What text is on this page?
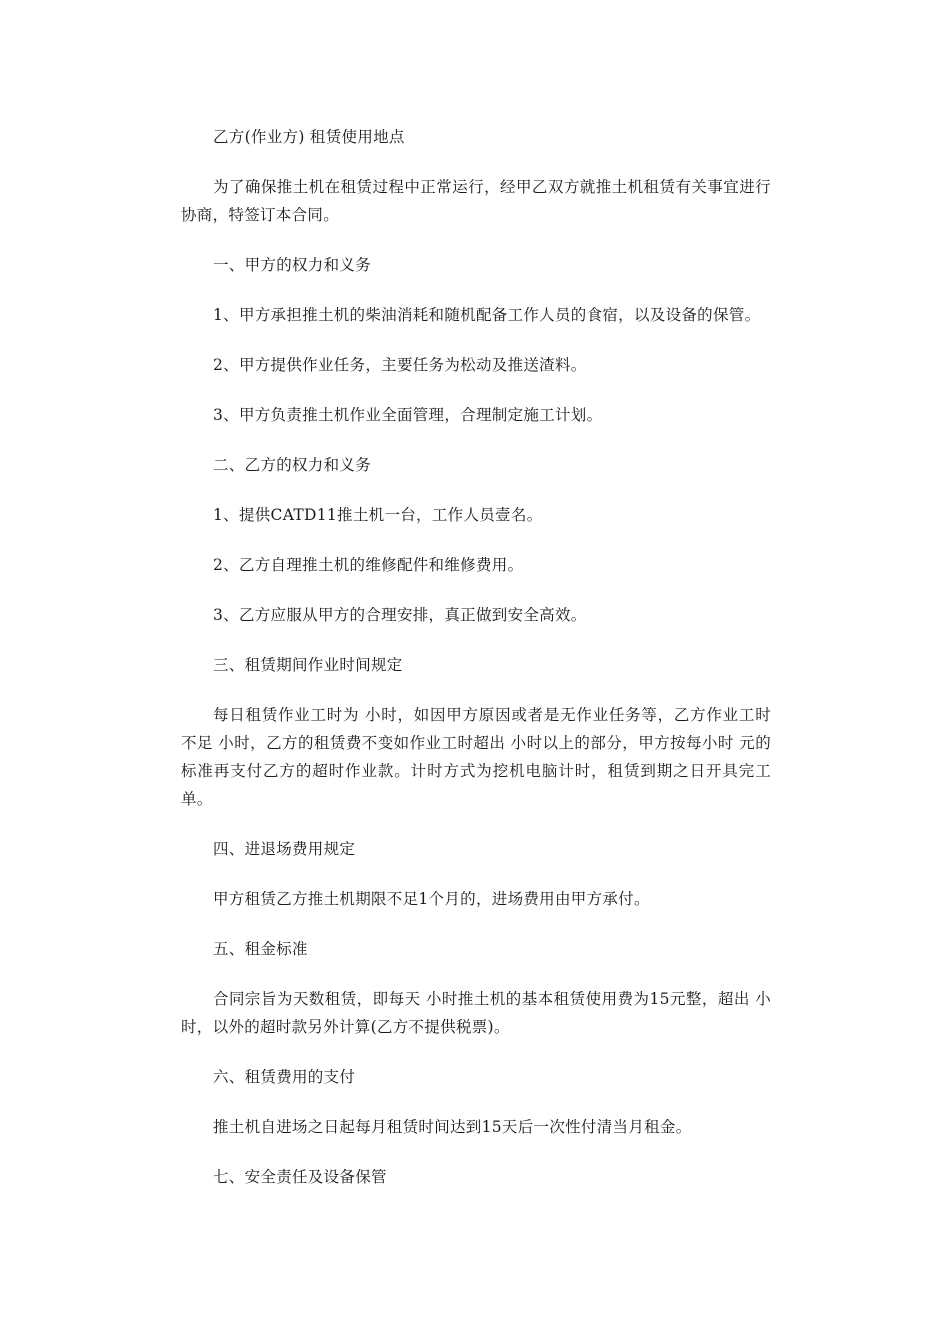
乙方(作业方) 租赁使用地点

为了确保推土机在租赁过程中正常运行，经甲乙双方就推土机租赁有关事宜进行协商，特签订本合同。

一、甲方的权力和义务

1、甲方承担推土机的柴油消耗和随机配备工作人员的食宿，以及设备的保管。

2、甲方提供作业任务，主要任务为松动及推送渣料。

3、甲方负责推土机作业全面管理，合理制定施工计划。

二、乙方的权力和义务

1、提供CATD11推土机一台，工作人员壹名。

2、乙方自理推土机的维修配件和维修费用。

3、乙方应服从甲方的合理安排，真正做到安全高效。

三、租赁期间作业时间规定

每日租赁作业工时为 小时，如因甲方原因或者是无作业任务等，乙方作业工时不足 小时，乙方的租赁费不变如作业工时超出 小时以上的部分，甲方按每小时 元的标准再支付乙方的超时作业款。计时方式为挖机电脑计时，租赁到期之日开具完工单。

四、进退场费用规定

甲方租赁乙方推土机期限不足1个月的，进场费用由甲方承付。

五、租金标准

合同宗旨为天数租赁，即每天 小时推土机的基本租赁使用费为15元整，超出 小时，以外的超时款另外计算(乙方不提供税票)。

六、租赁费用的支付

推土机自进场之日起每月租赁时间达到15天后一次性付清当月租金。

七、安全责任及设备保管
